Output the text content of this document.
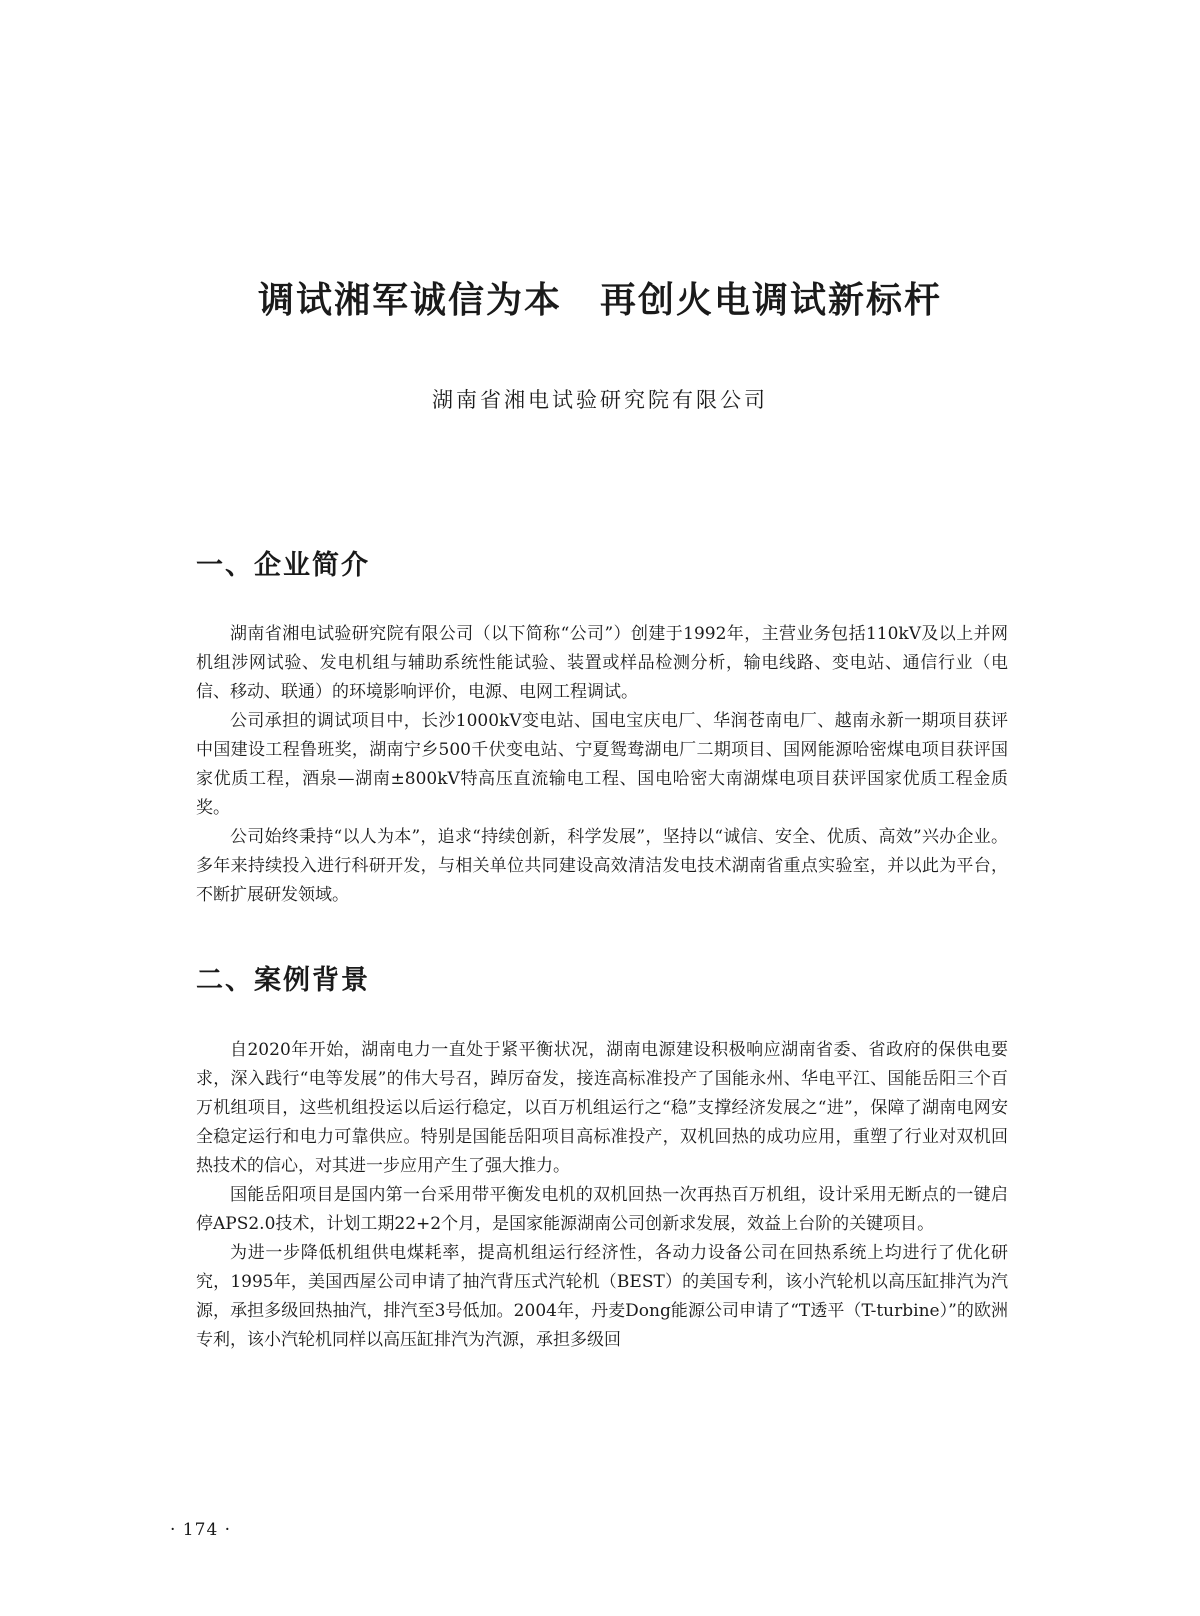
调试湘军诚信为本　再创火电调试新标杆

湖南省湘电试验研究院有限公司

一、企业简介

湖南省湘电试验研究院有限公司（以下简称“公司”）创建于1992年，主营业务包括110kV及以上并网机组涉网试验、发电机组与辅助系统性能试验、装置或样品检测分析，输电线路、变电站、通信行业（电信、移动、联通）的环境影响评价，电源、电网工程调试。

公司承担的调试项目中，长沙1000kV变电站、国电宝庆电厂、华润苍南电厂、越南永新一期项目获评中国建设工程鲁班奖，湖南宁乡500千伏变电站、宁夏鸳鸯湖电厂二期项目、国网能源哈密煤电项目获评国家优质工程，酒泉—湖南±800kV特高压直流输电工程、国电哈密大南湖煤电项目获评国家优质工程金质奖。

公司始终秉持“以人为本”，追求“持续创新，科学发展”，坚持以“诚信、安全、优质、高效”兴办企业。多年来持续投入进行科研开发，与相关单位共同建设高效清洁发电技术湖南省重点实验室，并以此为平台，不断扩展研发领域。

二、案例背景

自2020年开始，湖南电力一直处于紧平衡状况，湖南电源建设积极响应湖南省委、省政府的保供电要求，深入践行“电等发展”的伟大号召，踔厉奋发，接连高标准投产了国能永州、华电平江、国能岳阳三个百万机组项目，这些机组投运以后运行稳定，以百万机组运行之“稳”支撑经济发展之“进”，保障了湖南电网安全稳定运行和电力可靠供应。特别是国能岳阳项目高标准投产，双机回热的成功应用，重塑了行业对双机回热技术的信心，对其进一步应用产生了强大推力。

国能岳阳项目是国内第一台采用带平衡发电机的双机回热一次再热百万机组，设计采用无断点的一键启停APS2.0技术，计划工期22+2个月，是国家能源湖南公司创新求发展，效益上台阶的关键项目。

为进一步降低机组供电煤耗率，提高机组运行经济性，各动力设备公司在回热系统上均进行了优化研究，1995年，美国西屋公司申请了抽汽背压式汽轮机（BEST）的美国专利，该小汽轮机以高压缸排汽为汽源，承担多级回热抽汽，排汽至3号低加。2004年，丹麦Dong能源公司申请了“T透平（T-turbine）”的欧洲专利，该小汽轮机同样以高压缸排汽为汽源，承担多级回

· 174 ·
